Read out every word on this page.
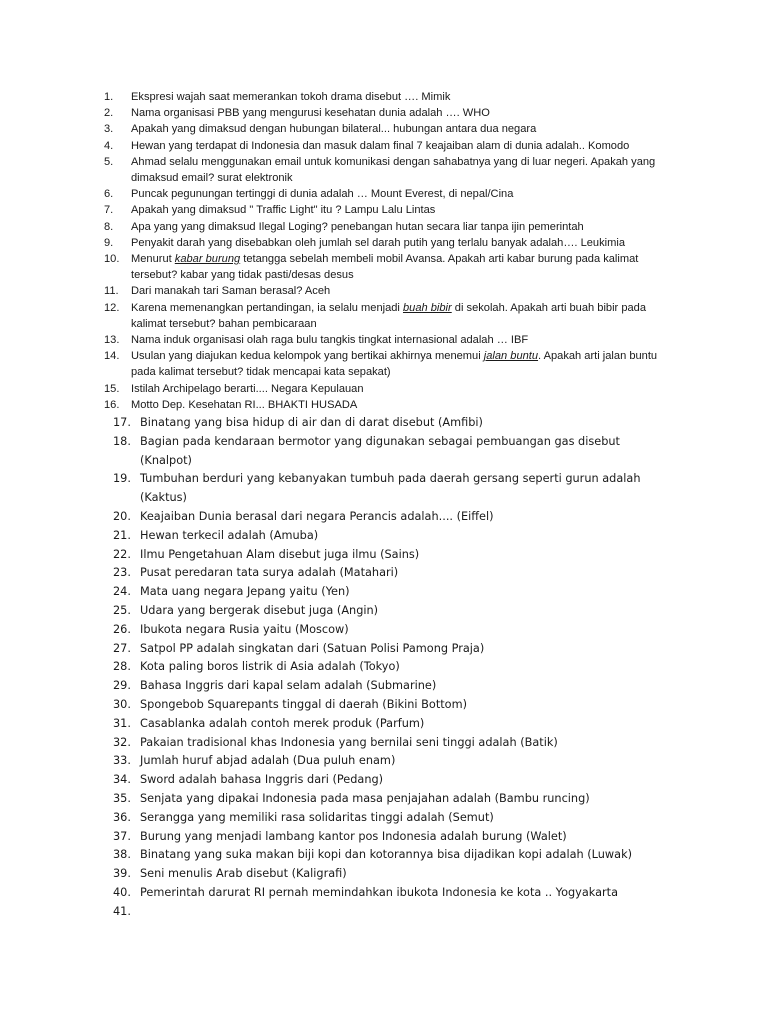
1.	Ekspresi wajah saat memerankan tokoh drama disebut …. Mimik
2.	Nama organisasi PBB yang mengurusi kesehatan dunia adalah …. WHO
3.	Apakah yang dimaksud dengan hubungan bilateral... hubungan antara dua negara
4.	Hewan yang terdapat di Indonesia dan masuk dalam final 7 keajaiban alam di dunia adalah.. Komodo
5.	Ahmad selalu menggunakan email untuk komunikasi dengan sahabatnya yang di luar negeri. Apakah yang dimaksud email? surat elektronik
6.	Puncak pegunungan tertinggi di dunia adalah … Mount Everest, di nepal/Cina
7.	Apakah yang dimaksud " Traffic Light" itu ? Lampu Lalu Lintas
8.	Apa yang yang dimaksud Ilegal Loging? penebangan hutan secara liar tanpa ijin pemerintah
9.	Penyakit darah yang disebabkan oleh jumlah sel darah putih yang terlalu banyak adalah…. Leukimia
10.	Menurut kabar burung tetangga sebelah membeli mobil Avansa. Apakah arti kabar burung pada kalimat tersebut? kabar yang tidak pasti/desas desus
11.	Dari manakah tari Saman berasal? Aceh
12.	Karena memenangkan pertandingan, ia selalu menjadi buah bibir di sekolah. Apakah arti buah bibir pada kalimat tersebut? bahan pembicaraan
13.	Nama induk organisasi olah raga bulu tangkis tingkat internasional adalah … IBF
14.	Usulan yang diajukan kedua kelompok yang bertikai akhirnya menemui jalan buntu. Apakah arti jalan buntu pada kalimat tersebut? tidak mencapai kata sepakat)
15.	Istilah Archipelago berarti.... Negara Kepulauan
16.	Motto Dep. Kesehatan RI... BHAKTI HUSADA
17. Binatang yang bisa hidup di air dan di darat disebut (Amfibi)
18. Bagian pada kendaraan bermotor yang digunakan sebagai pembuangan gas disebut (Knalpot)
19. Tumbuhan berduri yang kebanyakan tumbuh pada daerah gersang seperti gurun adalah (Kaktus)
20. Keajaiban Dunia berasal dari negara Perancis adalah.... (Eiffel)
21. Hewan terkecil adalah (Amuba)
22. Ilmu Pengetahuan Alam disebut juga ilmu (Sains)
23. Pusat peredaran tata surya adalah (Matahari)
24. Mata uang negara Jepang yaitu (Yen)
25. Udara yang bergerak disebut juga (Angin)
26. Ibukota negara Rusia yaitu (Moscow)
27. Satpol PP adalah singkatan dari (Satuan Polisi Pamong Praja)
28. Kota paling boros listrik di Asia adalah (Tokyo)
29. Bahasa Inggris dari kapal selam adalah (Submarine)
30. Spongebob Squarepants tinggal di daerah (Bikini Bottom)
31. Casablanka adalah contoh merek produk (Parfum)
32. Pakaian tradisional khas Indonesia yang bernilai seni tinggi adalah (Batik)
33. Jumlah huruf abjad adalah (Dua puluh enam)
34. Sword adalah bahasa Inggris dari (Pedang)
35. Senjata yang dipakai Indonesia pada masa penjajahan adalah (Bambu runcing)
36. Serangga yang memiliki rasa solidaritas tinggi adalah (Semut)
37. Burung yang menjadi lambang kantor pos Indonesia adalah burung (Walet)
38. Binatang yang suka makan biji kopi dan kotorannya bisa dijadikan kopi adalah (Luwak)
39. Seni menulis Arab disebut (Kaligrafi)
40. Pemerintah darurat RI pernah memindahkan ibukota Indonesia ke kota .. Yogyakarta
41.
